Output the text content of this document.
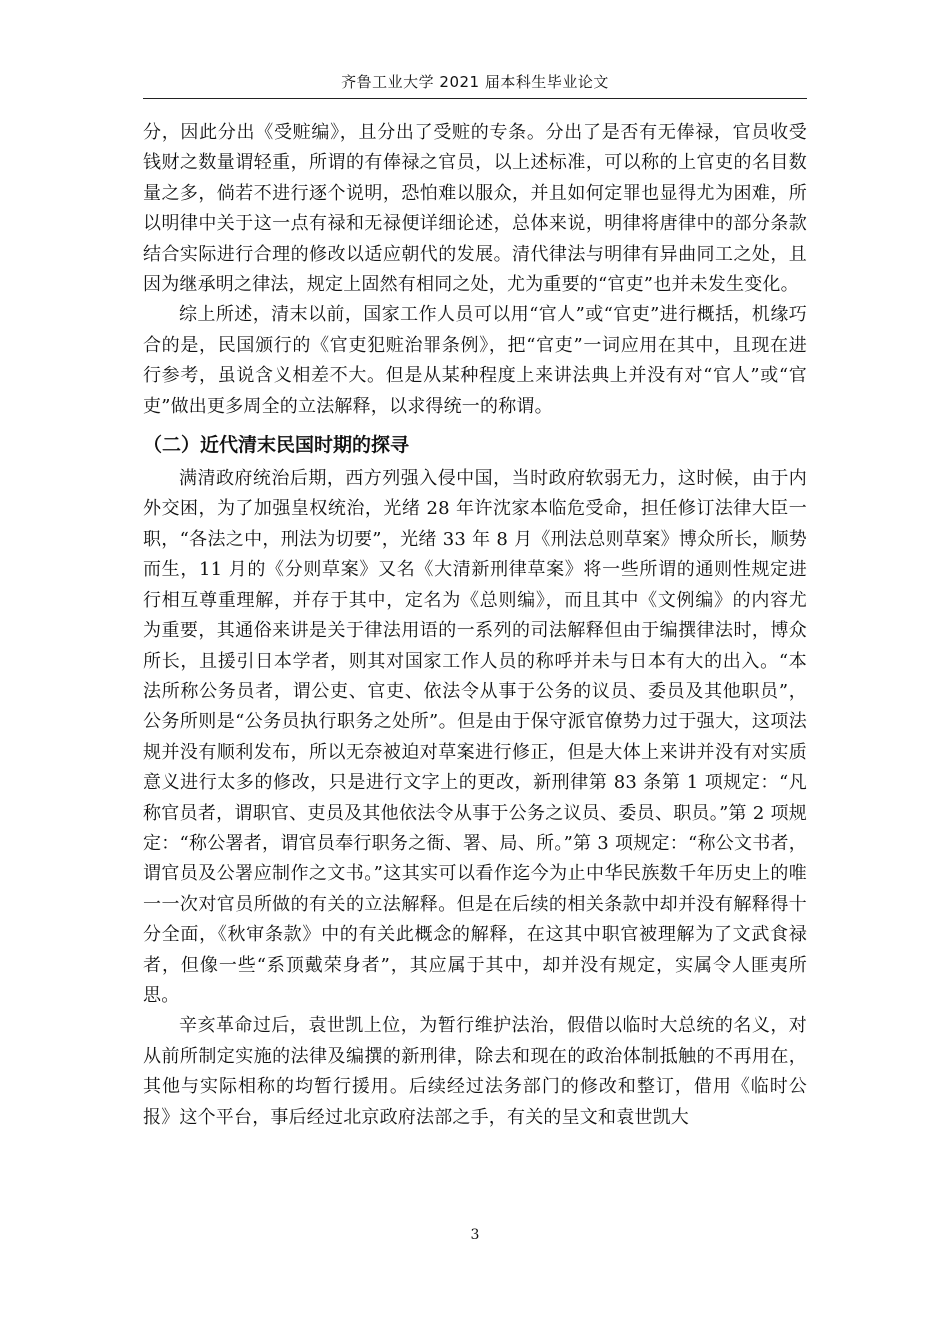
齐鲁工业大学 2021 届本科生毕业论文

分，因此分出《受赃编》，且分出了受赃的专条。分出了是否有无俸禄，官员收受钱财之数量谓轻重，所谓的有俸禄之官员，以上述标准，可以称的上官吏的名目数量之多，倘若不进行逐个说明，恐怕难以服众，并且如何定罪也显得尤为困难，所以明律中关于这一点有禄和无禄便详细论述，总体来说，明律将唐律中的部分条款结合实际进行合理的修改以适应朝代的发展。清代律法与明律有异曲同工之处，且因为继承明之律法，规定上固然有相同之处，尤为重要的“官吏”也并未发生变化。

综上所述，清末以前，国家工作人员可以用“官人”或“官吏”进行概括，机缘巧合的是，民国颁行的《官吏犯赃治罪条例》，把“官吏”一词应用在其中，且现在进行参考，虽说含义相差不大。但是从某种程度上来讲法典上并没有对“官人”或“官吏”做出更多周全的立法解释，以求得统一的称谓。

（二）近代清末民国时期的探寻

满清政府统治后期，西方列强入侵中国，当时政府软弱无力，这时候，由于内外交困，为了加强皇权统治，光绪 28 年许沈家本临危受命，担任修订法律大臣一职，“各法之中，刑法为切要”，光绪 33 年 8 月《刑法总则草案》博众所长，顺势而生，11 月的《分则草案》又名《大清新刑律草案》将一些所谓的通则性规定进行相互尊重理解，并存于其中，定名为《总则编》，而且其中《文例编》的内容尤为重要，其通俗来讲是关于律法用语的一系列的司法解释但由于编撰律法时，博众所长，且援引日本学者，则其对国家工作人员的称呼并未与日本有大的出入。“本法所称公务员者，谓公吏、官吏、依法令从事于公务的议员、委员及其他职员”，公务所则是“公务员执行职务之处所”。但是由于保守派官僚势力过于强大，这项法规并没有顺利发布，所以无奈被迫对草案进行修正，但是大体上来讲并没有对实质意义进行太多的修改，只是进行文字上的更改，新刑律第 83 条第 1 项规定：“凡称官员者，谓职官、吏员及其他依法令从事于公务之议员、委员、职员。”第 2 项规定：“称公署者，谓官员奉行职务之衙、署、局、所。”第 3 项规定：“称公文书者，谓官员及公署应制作之文书。”这其实可以看作迄今为止中华民族数千年历史上的唯一一次对官员所做的有关的立法解释。但是在后续的相关条款中却并没有解释得十分全面，《秋审条款》中的有关此概念的解释，在这其中职官被理解为了文武食禄者，但像一些“系顶戴荣身者”，其应属于其中，却并没有规定，实属令人匪夷所思。

辛亥革命过后，袁世凯上位，为暂行维护法治，假借以临时大总统的名义，对从前所制定实施的法律及编撰的新刑律，除去和现在的政治体制抵触的不再用在，其他与实际相称的均暂行援用。后续经过法务部门的修改和整订，借用《临时公报》这个平台，事后经过北京政府法部之手，有关的呈文和袁世凯大

3
